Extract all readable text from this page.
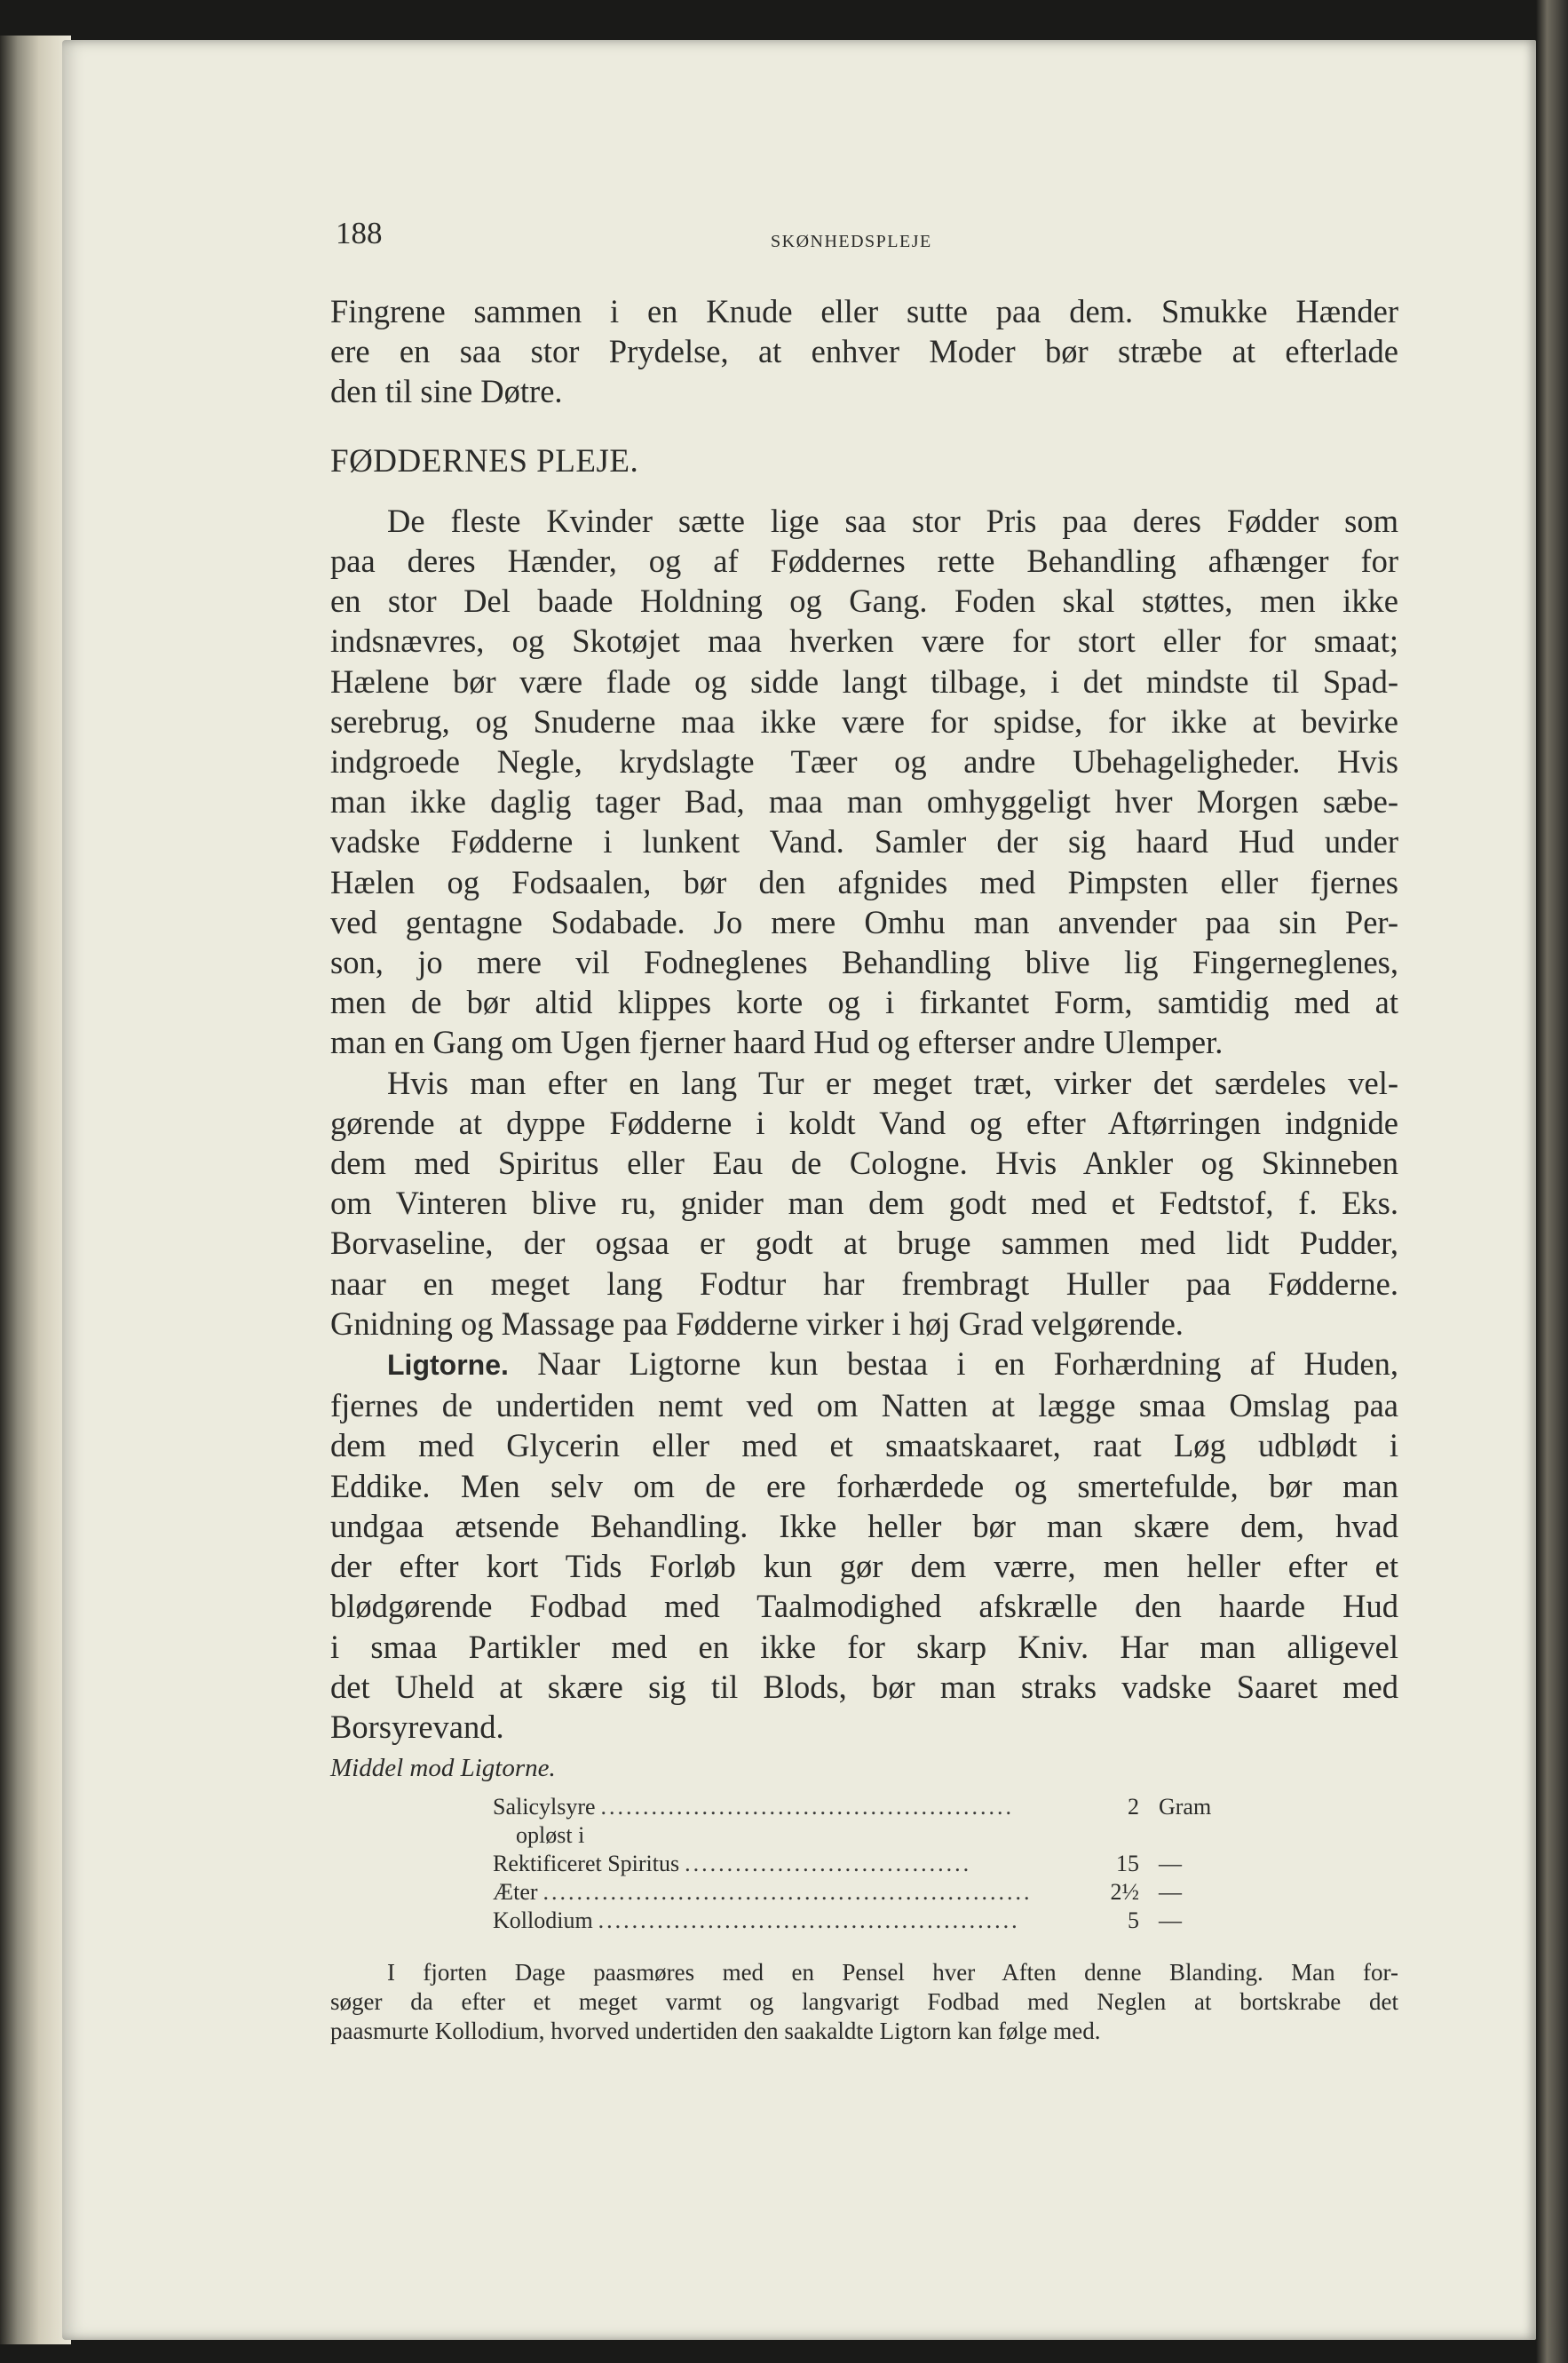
188	SKØNHEDSPLEJE

Fingrene sammen i en Knude eller sutte paa dem. Smukke Hænder
ere en saa stor Prydelse, at enhver Moder bør stræbe at efterlade
den til sine Døtre.

FØDDERNES PLEJE.

De fleste Kvinder sætte lige saa stor Pris paa deres Fødder som
paa deres Hænder, og af Føddernes rette Behandling afhænger for
en stor Del baade Holdning og Gang. Foden skal støttes, men ikke
indsnævres, og Skotøjet maa hverken være for stort eller for smaat;
Hælene bør være flade og sidde langt tilbage, i det mindste til Spad-
serebrug, og Snuderne maa ikke være for spidse, for ikke at bevirke
indgroede Negle, krydslagte Tæer og andre Ubehageligheder. Hvis
man ikke daglig tager Bad, maa man omhyggeligt hver Morgen sæbe-
vadske Fødderne i lunkent Vand. Samler der sig haard Hud under
Hælen og Fodsaalen, bør den afgnides med Pimpsten eller fjernes
ved gentagne Sodabade. Jo mere Omhu man anvender paa sin Per-
son, jo mere vil Fodneglenes Behandling blive lig Fingerneglenes,
men de bør altid klippes korte og i firkantet Form, samtidig med at
man en Gang om Ugen fjerner haard Hud og efterser andre Ulemper.

Hvis man efter en lang Tur er meget træt, virker det særdeles vel-
gørende at dyppe Fødderne i koldt Vand og efter Aftørringen indgnide
dem med Spiritus eller Eau de Cologne. Hvis Ankler og Skinneben
om Vinteren blive ru, gnider man dem godt med et Fedtstof, f. Eks.
Borvaseline, der ogsaa er godt at bruge sammen med lidt Pudder,
naar en meget lang Fodtur har frembragt Huller paa Fødderne.
Gnidning og Massage paa Fødderne virker i høj Grad velgørende.

Ligtorne. Naar Ligtorne kun bestaa i en Forhærdning af Huden,
fjernes de undertiden nemt ved om Natten at lægge smaa Omslag paa
dem med Glycerin eller med et smaatskaaret, raat Løg udblødt i
Eddike. Men selv om de ere forhærdede og smertefulde, bør man
undgaa ætsende Behandling. Ikke heller bør man skære dem, hvad
der efter kort Tids Forløb kun gør dem værre, men heller efter et
blødgørende Fodbad med Taalmodighed afskrælle den haarde Hud
i smaa Partikler med en ikke for skarp Kniv. Har man alligevel
det Uheld at skære sig til Blods, bør man straks vadske Saaret med
Borsyrevand.

Middel mod Ligtorne.

Salicylsyre .................................................	2 Gram
opløst i
Rektificeret Spiritus ..................................	15 —
Æter ..........................................................	2½ —
Kollodium ..................................................	5 —

I fjorten Dage paasmøres med en Pensel hver Aften denne Blanding. Man for-
søger da efter et meget varmt og langvarigt Fodbad med Neglen at bortskrabe det
paasmurte Kollodium, hvorved undertiden den saakaldte Ligtorn kan følge med.
